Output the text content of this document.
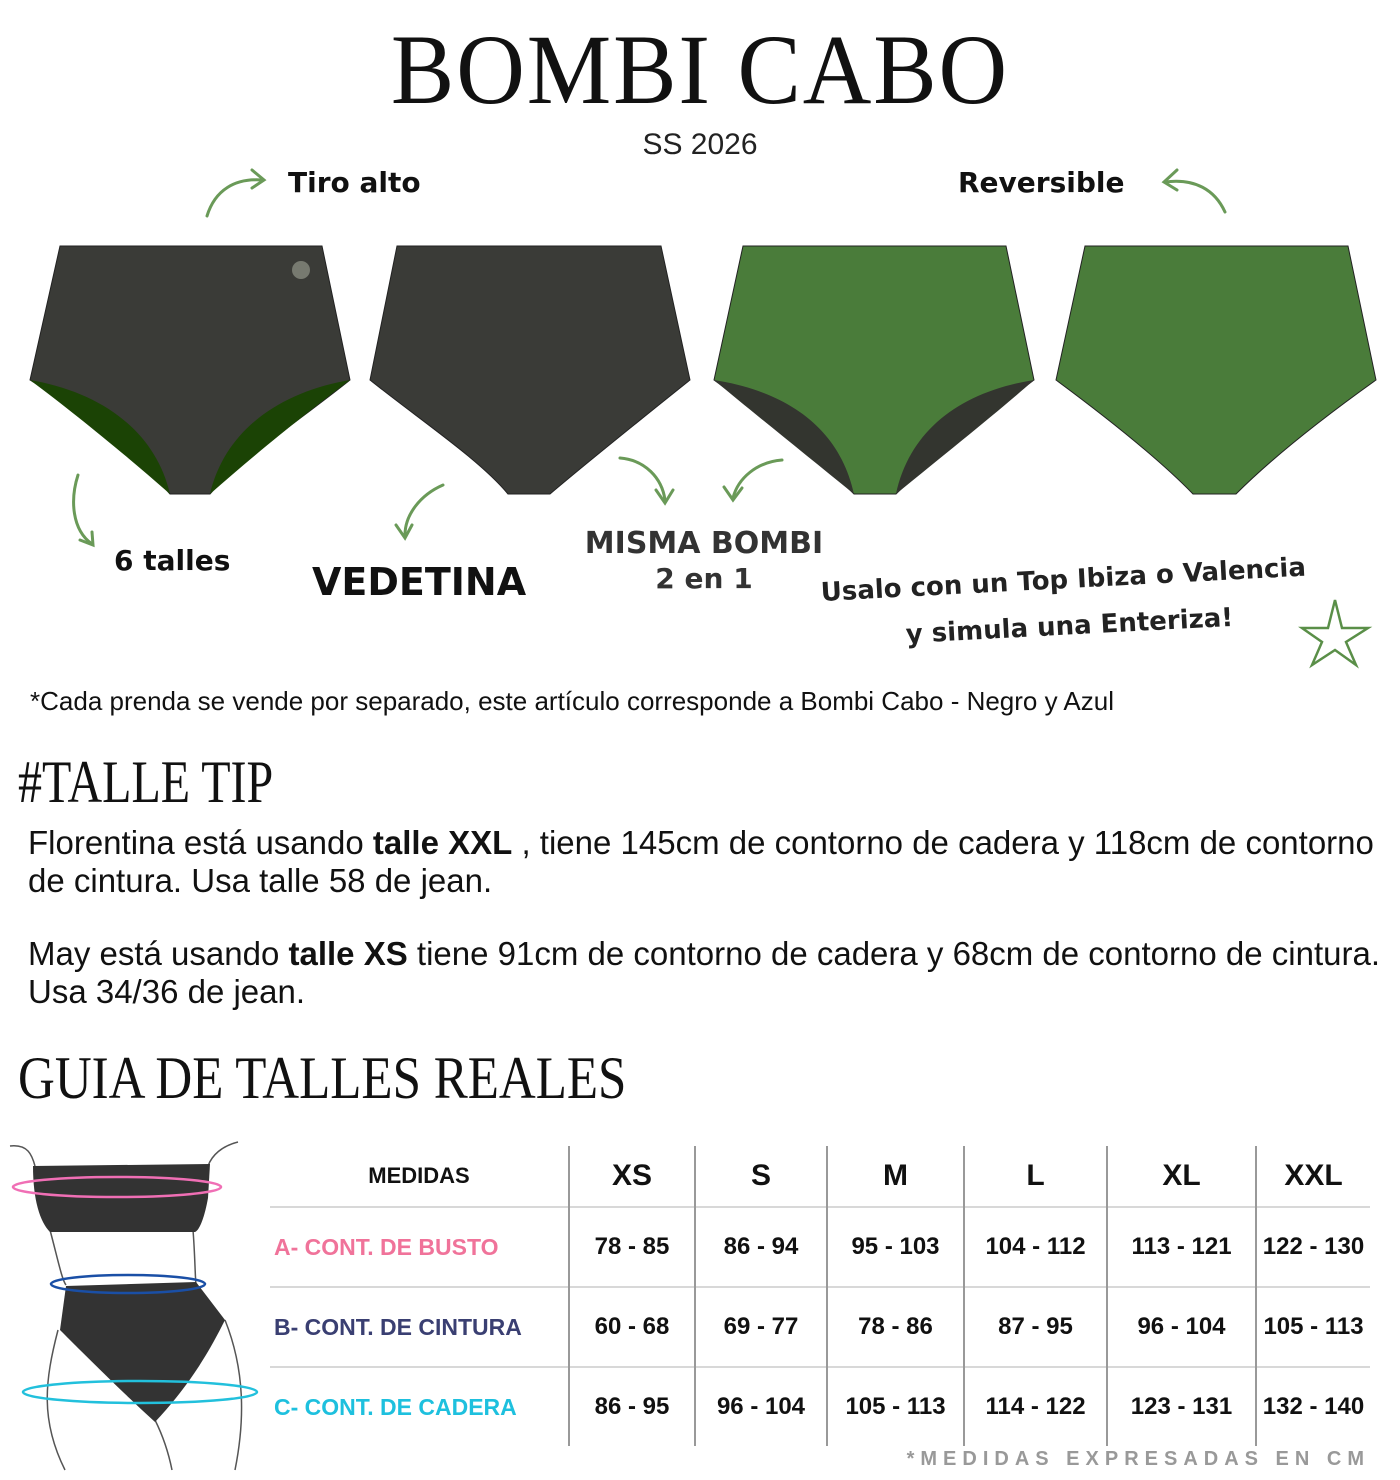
BOMBI CABO
SS 2026
Tiro alto	Reversible
6 talles VEDETINA
MISMA BOMBI
2 en 1	Usalo con un Top Ibiza o Valencia
y simula una Enteriza!
*Cada prenda se vende por separado, este artículo corresponde a Bombi Cabo - Negro y Azul
#TALLE TIP
Florentina está usando talle XXL , tiene 145cm de contorno de cadera y 118cm de contorno de cintura. Usa talle 58 de jean.
May está usando talle XS tiene 91cm de contorno de cadera y 68cm de contorno de cintura. Usa 34/36 de jean.
GUIA DE TALLES REALES
MEDIDAS	XS	S	M	L	XL	XXL
A- CONT. DE BUSTO	78 - 85	86 - 94	95 - 103	104 - 112	113 - 121	122 - 130
B- CONT. DE CINTURA	60 - 68	69 - 77	78 - 86	87 - 95	96 - 104	105 - 113
C- CONT. DE CADERA	86 - 95	96 - 104	105 - 113	114 - 122	123 - 131	132 - 140
*MEDIDAS EXPRESADAS EN CM
